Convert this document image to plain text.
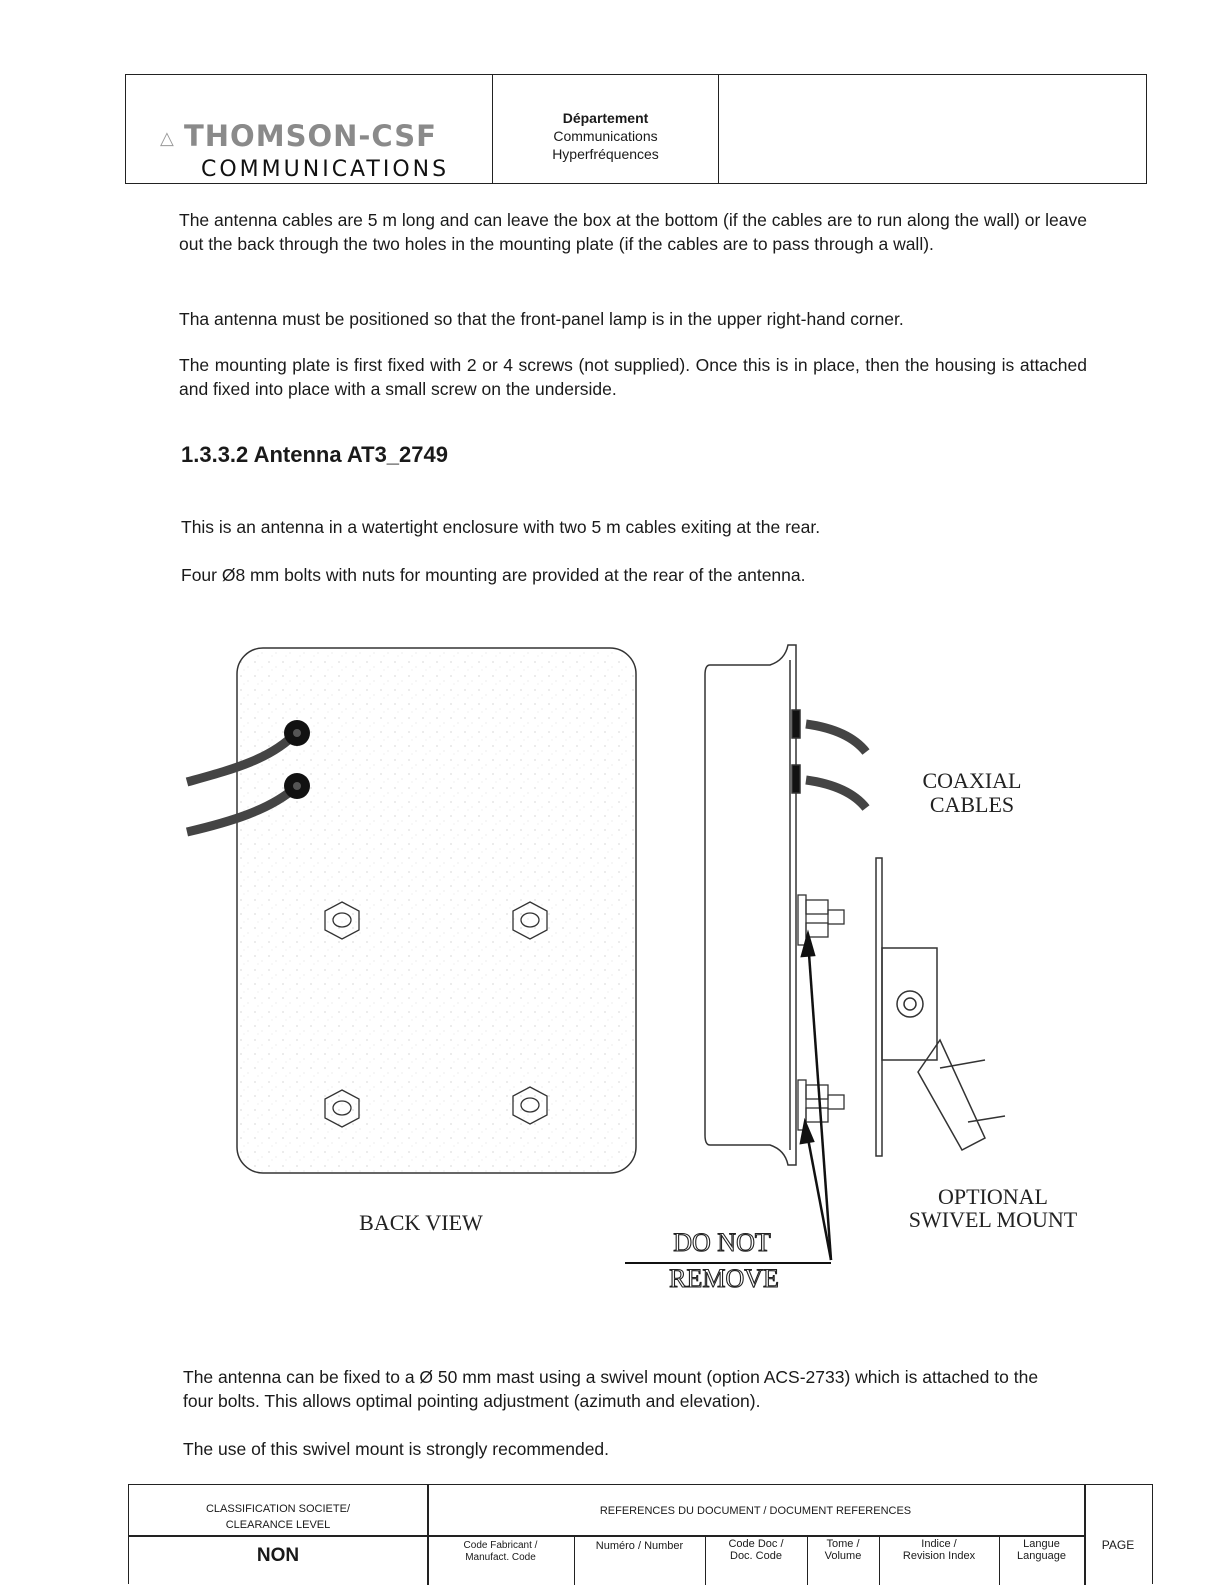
△ THOMSON-CSF
COMMUNICATIONS
Département
Communications
Hyperfréquences

The antenna cables are 5 m long and can leave the box at the bottom (if the cables are to run along the wall) or leave out the back through the two holes in the mounting plate (if the cables are to pass through a wall).

Tha antenna must be positioned so that the front-panel lamp is in the upper right-hand corner.

The mounting plate is first fixed with 2 or 4 screws (not supplied). Once this is in place, then the housing is attached and fixed into place with a small screw on the underside.

1.3.3.2 Antenna AT3_2749

This is an antenna in a watertight enclosure with two 5 m cables exiting at the rear.

Four Ø8 mm bolts with nuts for mounting are provided at the rear of the antenna.

COAXIAL
CABLES
BACK VIEW
DO NOT
REMOVE
OPTIONAL
SWIVEL MOUNT

The antenna can be fixed to a Ø 50 mm mast using a swivel mount (option ACS-2733) which is attached to the four bolts. This allows optimal pointing adjustment (azimuth and elevation).

The use of this swivel mount is strongly recommended.

CLASSIFICATION SOCIETE/
CLEARANCE LEVEL
NON
REFERENCES DU DOCUMENT / DOCUMENT REFERENCES
Code Fabricant /
Manufact. Code
Numéro / Number	Code Doc /
Doc. Code
Tome /
Volume
Indice /
Revision Index
Langue
Language
PAGE
